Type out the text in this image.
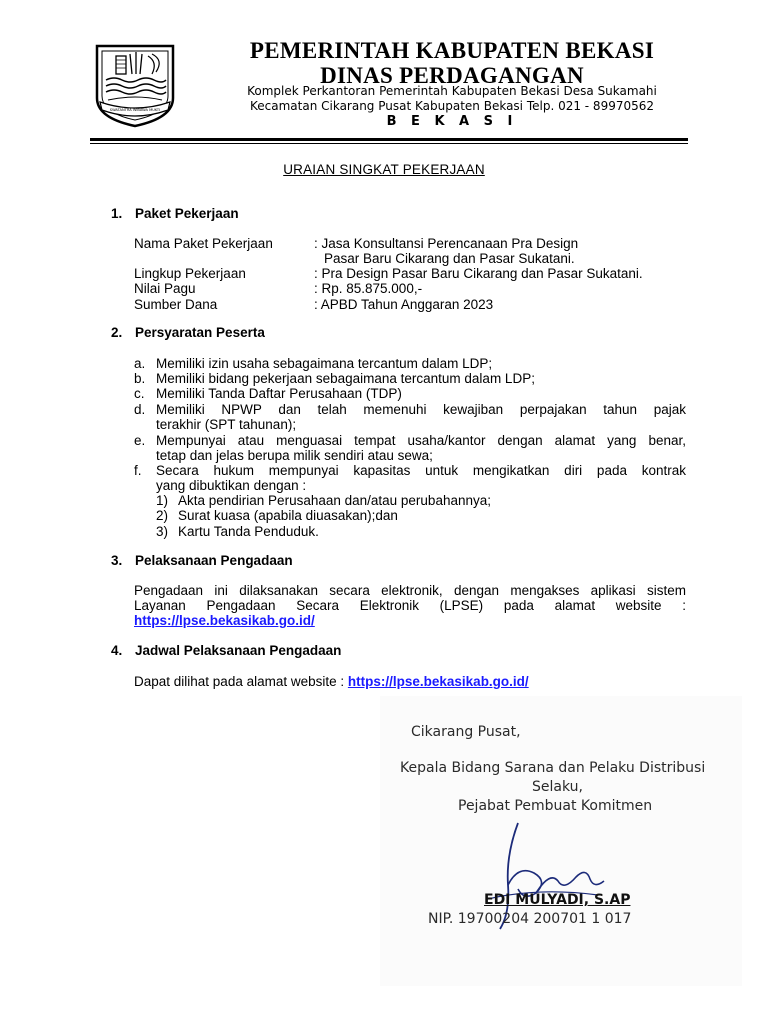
SWATANTRA WIBAWA MUKTI
PEMERINTAH KABUPATEN BEKASI
DINAS PERDAGANGAN
Komplek Perkantoran Pemerintah Kabupaten Bekasi Desa Sukamahi
Kecamatan Cikarang Pusat Kabupaten Bekasi Telp. 021 - 89970562
B E K A S I
URAIAN SINGKAT PEKERJAAN
1. Paket Pekerjaan
Nama Paket Pekerjaan	: Jasa Konsultansi Perencanaan Pra Design
Pasar Baru Cikarang dan Pasar Sukatani.
Lingkup Pekerjaan	: Pra Design Pasar Baru Cikarang dan Pasar Sukatani.
Nilai Pagu	: Rp. 85.875.000,-
Sumber Dana	: APBD Tahun Anggaran 2023
2. Persyaratan Peserta
a. Memiliki izin usaha sebagaimana tercantum dalam LDP;
b. Memiliki bidang pekerjaan sebagaimana tercantum dalam LDP;
c. Memiliki Tanda Daftar Perusahaan (TDP)
d. Memiliki NPWP dan telah memenuhi kewajiban perpajakan tahun pajak
terakhir (SPT tahunan);
e. Mempunyai atau menguasai tempat usaha/kantor dengan alamat yang benar,
tetap dan jelas berupa milik sendiri atau sewa;
f. Secara hukum mempunyai kapasitas untuk mengikatkan diri pada kontrak
yang dibuktikan dengan :
1) Akta pendirian Perusahaan dan/atau perubahannya;
2) Surat kuasa (apabila diuasakan);dan
3) Kartu Tanda Penduduk.
3. Pelaksanaan Pengadaan
Pengadaan ini dilaksanakan secara elektronik, dengan mengakses aplikasi sistem
Layanan Pengadaan Secara Elektronik (LPSE) pada alamat website :
https://lpse.bekasikab.go.id/
4. Jadwal Pelaksanaan Pengadaan
Dapat dilihat pada alamat website : https://lpse.bekasikab.go.id/
Cikarang Pusat,
Kepala Bidang Sarana dan Pelaku Distribusi
Selaku,
Pejabat Pembuat Komitmen
EDI MULYADI, S.AP
NIP. 19700204 200701 1 017
